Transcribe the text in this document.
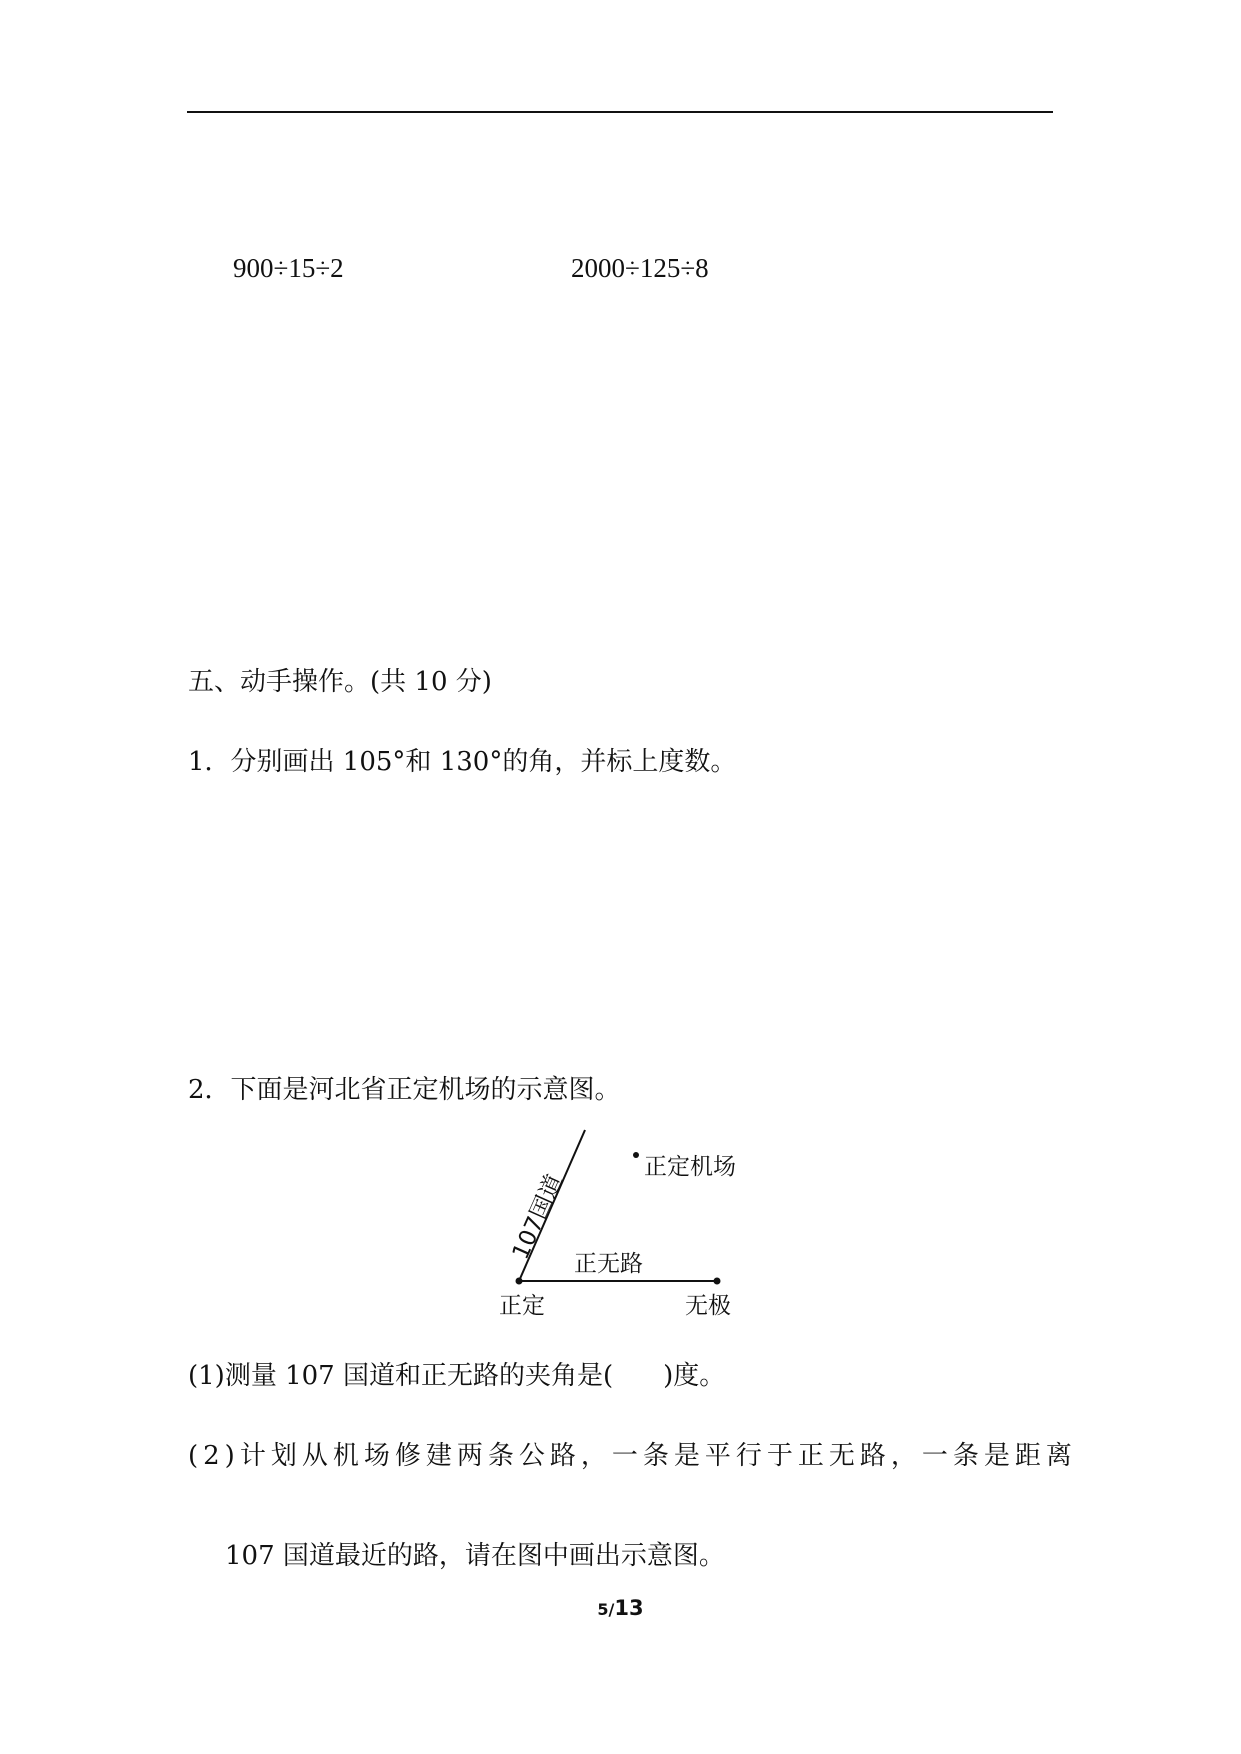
900÷15÷2	2000÷125÷8
五、动手操作。(共 10 分)
1．分别画出 105°和 130°的角，并标上度数。
2．下面是河北省正定机场的示意图。
107国道
正定机场
正无路
正定	无极
(1)测量 107 国道和正无路的夹角是( )度。
(2)计划从机场修建两条公路，一条是平行于正无路，一条是距离
107 国道最近的路，请在图中画出示意图。
5/13
